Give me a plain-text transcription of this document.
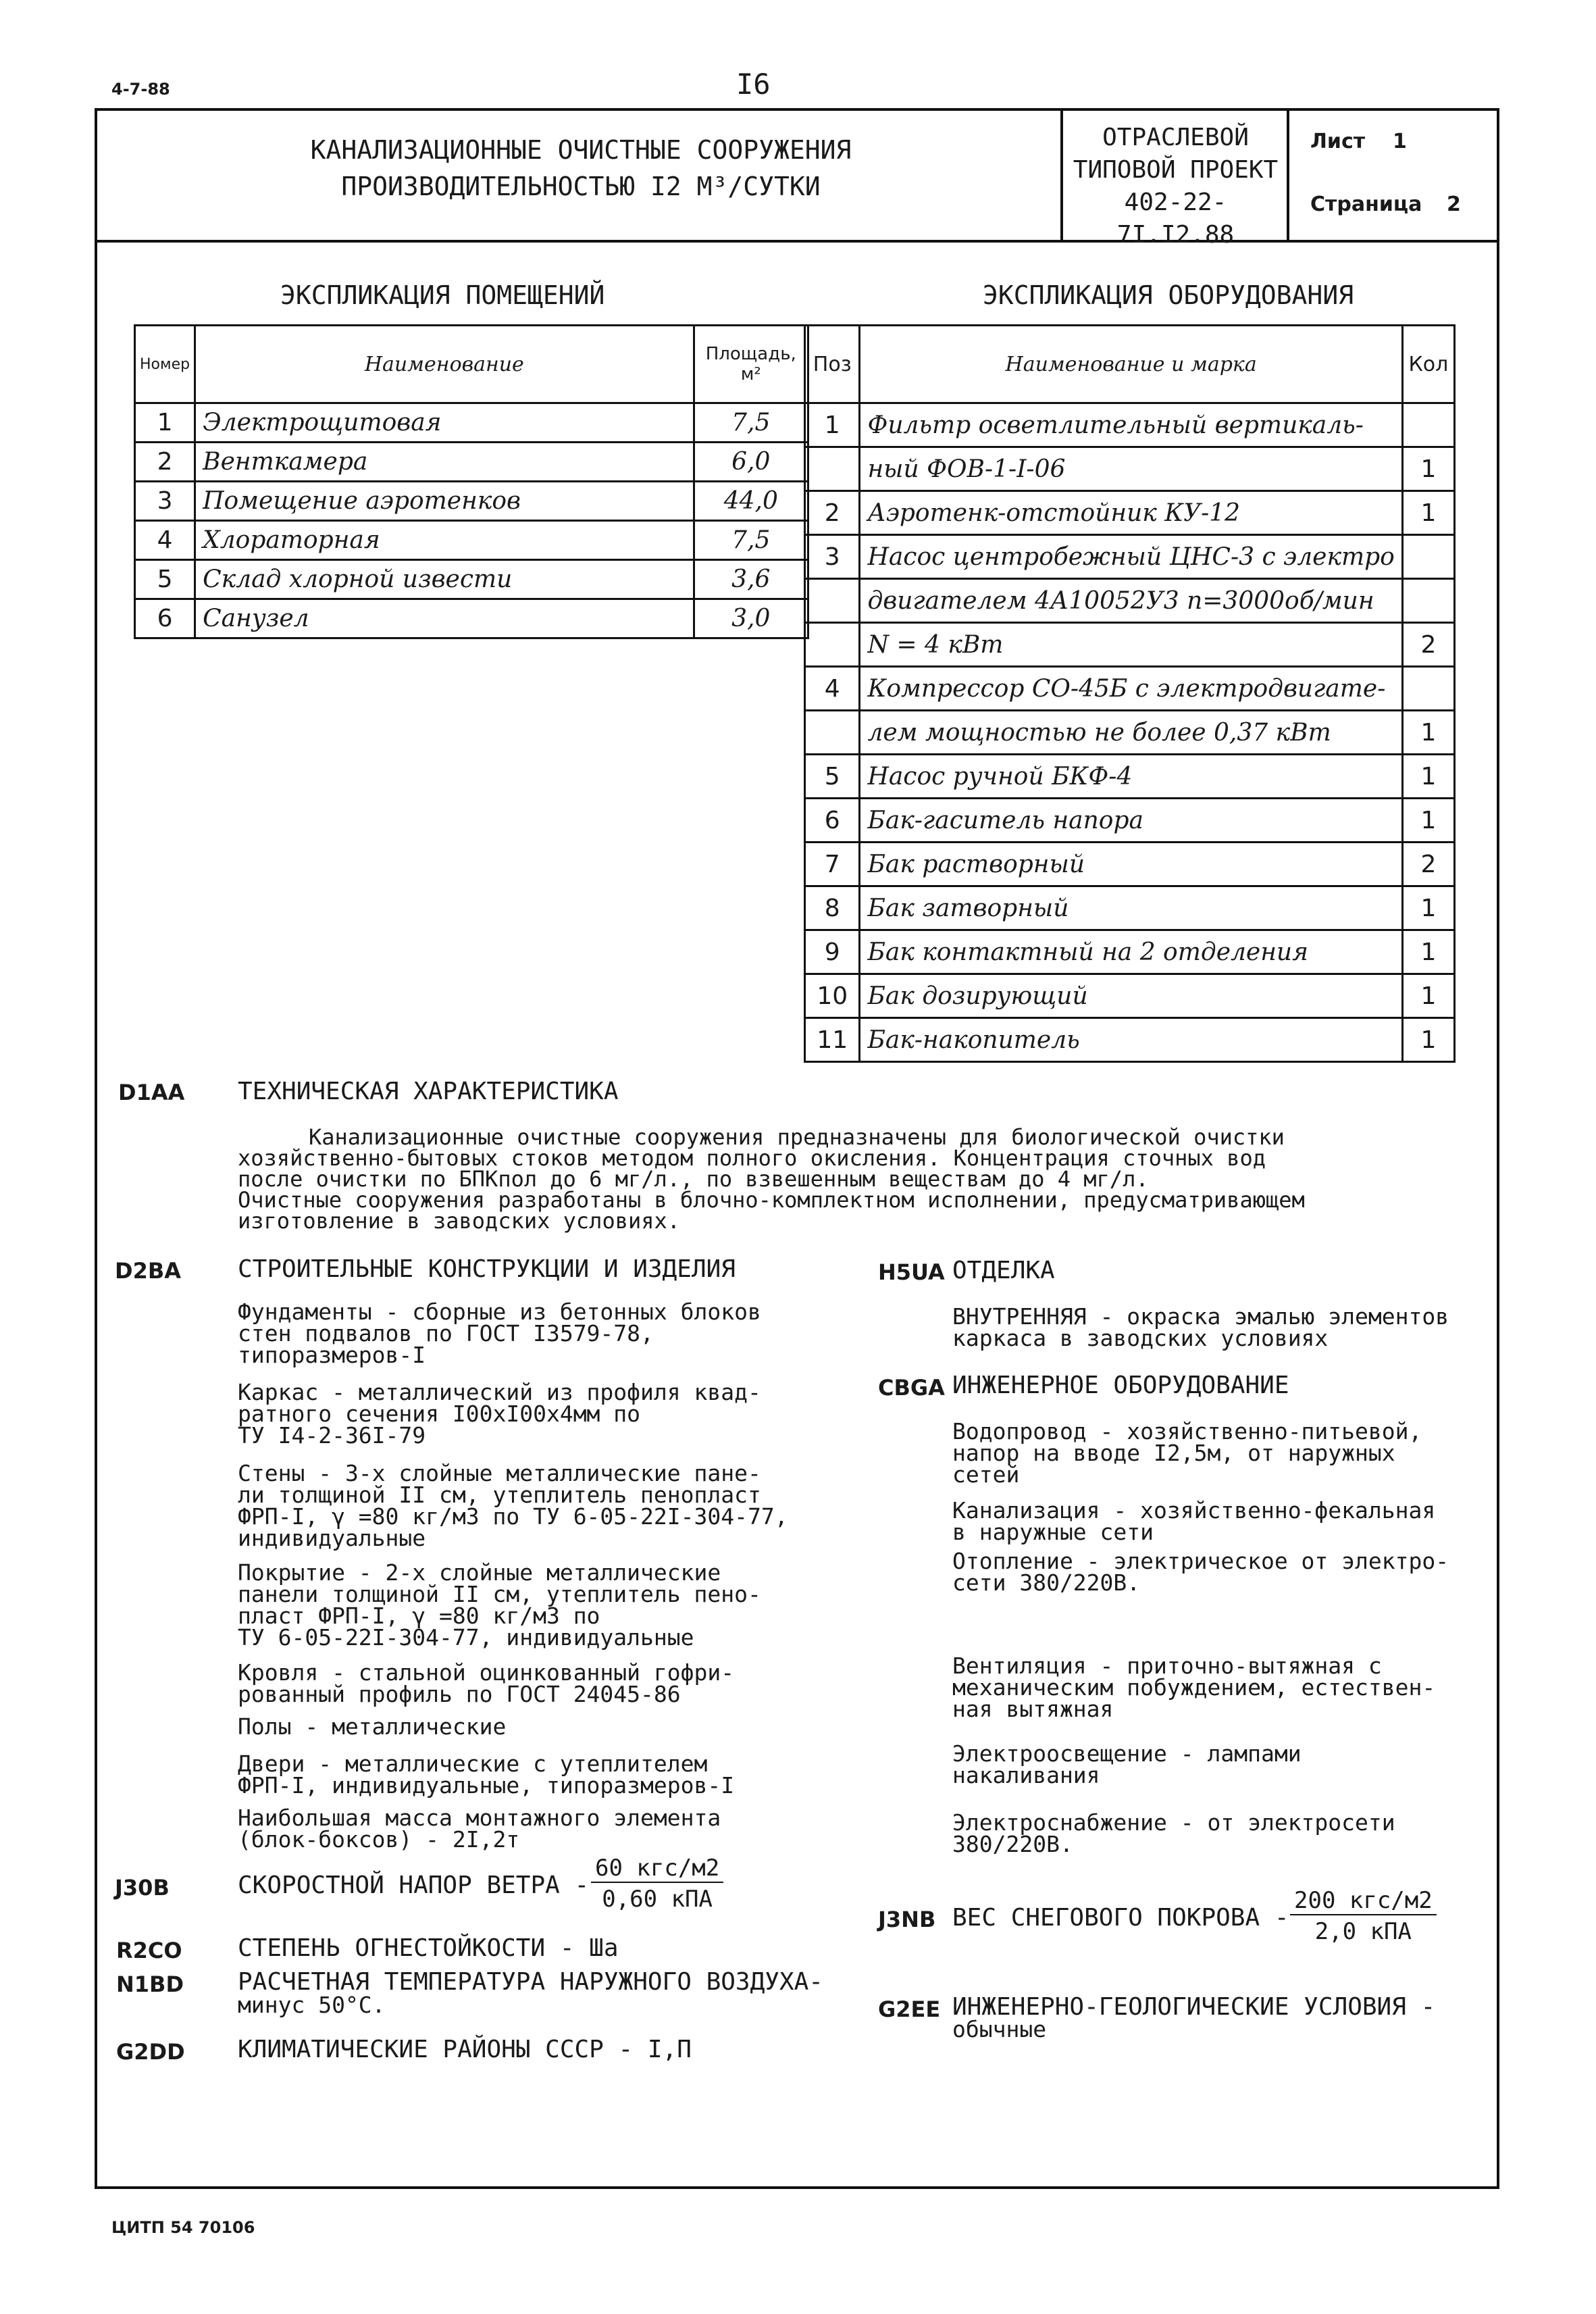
4-7-88	I6
КАНАЛИЗАЦИОННЫЕ ОЧИСТНЫЕ СООРУЖЕНИЯ
ПРОИЗВОДИТЕЛЬНОСТЬЮ I2 М³/СУТКИ
ОТРАСЛЕВОЙ
ТИПОВОЙ ПРОЕКТ
402-22-7I.I2.88
Лист 1
Страница 2
ЭКСПЛИКАЦИЯ ПОМЕЩЕНИЙ	ЭКСПЛИКАЦИЯ ОБОРУДОВАНИЯ
Номер	Наименование	Площадь, м²
1	Электрощитовая	7,5
2	Венткамера	6,0
3	Помещение аэротенков	44,0
4	Хлораторная	7,5
5	Склад хлорной извести	3,6
6	Санузел	3,0
Поз	Наименование и марка	Кол
1	Фильтр осветлительный вертикаль-	
	ный ФОВ-1-I-06	1
2	Аэротенк-отстойник КУ-12	1
3	Насос центробежный ЦНС-3 с электро	
	двигателем 4А10052У3 n=3000об/мин	
	N = 4 кВт	2
4	Компрессор СО-45Б с электродвигате-	
	лем мощностью не более 0,37 кВт	1
5	Насос ручной БКФ-4	1
6	Бак-гаситель напора	1
7	Бак растворный	2
8	Бак затворный	1
9	Бак контактный на 2 отделения	1
10	Бак дозирующий	1
11	Бак-накопитель	1
D1AA ТЕХНИЧЕСКАЯ ХАРАКТЕРИСТИКА
Канализационные очистные сооружения предназначены для биологической очистки
хозяйственно-бытовых стоков методом полного окисления. Концентрация сточных вод
после очистки по БПКпол до 6 мг/л., по взвешенным веществам до 4 мг/л.
Очистные сооружения разработаны в блочно-комплектном исполнении, предусматривающем
изготовление в заводских условиях.
D2BA СТРОИТЕЛЬНЫЕ КОНСТРУКЦИИ И ИЗДЕЛИЯ
Фундаменты - сборные из бетонных блоков
стен подвалов по ГОСТ I3579-78,
типоразмеров-I
Каркас - металлический из профиля квад-
ратного сечения I00xI00x4мм по
ТУ I4-2-36I-79
Стены - 3-х слойные металлические пане-
ли толщиной II см, утеплитель пенопласт
ФРП-I, γ =80 кг/м3 по ТУ 6-05-22I-304-77,
индивидуальные
Покрытие - 2-х слойные металлические
панели толщиной II см, утеплитель пено-
пласт ФРП-I, γ =80 кг/м3 по
ТУ 6-05-22I-304-77, индивидуальные
Кровля - стальной оцинкованный гофри-
рованный профиль по ГОСТ 24045-86
Полы - металлические
Двери - металлические с утеплителем
ФРП-I, индивидуальные, типоразмеров-I
Наибольшая масса монтажного элемента
(блок-боксов) - 2I,2т
H5UA ОТДЕЛКА
ВНУТРЕННЯЯ - окраска эмалью элементов
каркаса в заводских условиях
CBGA ИНЖЕНЕРНОЕ ОБОРУДОВАНИЕ
Водопровод - хозяйственно-питьевой,
напор на вводе I2,5м, от наружных
сетей
Канализация - хозяйственно-фекальная
в наружные сети
Отопление - электрическое от электро-
сети 380/220В.
Вентиляция - приточно-вытяжная с
механическим побуждением, естествен-
ная вытяжная
Электроосвещение - лампами
накаливания
Электроснабжение - от электросети
380/220В.
J30B	СКОРОСТНОЙ НАПОР ВЕТРА -
60 кгс/м2
0,60 кПА
J3NB ВЕС СНЕГОВОГО ПОКРОВА -
200 кгс/м2
2,0 кПА
R2CO СТЕПЕНЬ ОГНЕСТОЙКОСТИ - Ша
N1BD РАСЧЕТНАЯ ТЕМПЕРАТУРА НАРУЖНОГО ВОЗДУХА-
минус 50°С.	G2EE ИНЖЕНЕРНО-ГЕОЛОГИЧЕСКИЕ УСЛОВИЯ -
обычные
G2DD КЛИМАТИЧЕСКИЕ РАЙОНЫ СССР - I,П
ЦИТП 54 70106
